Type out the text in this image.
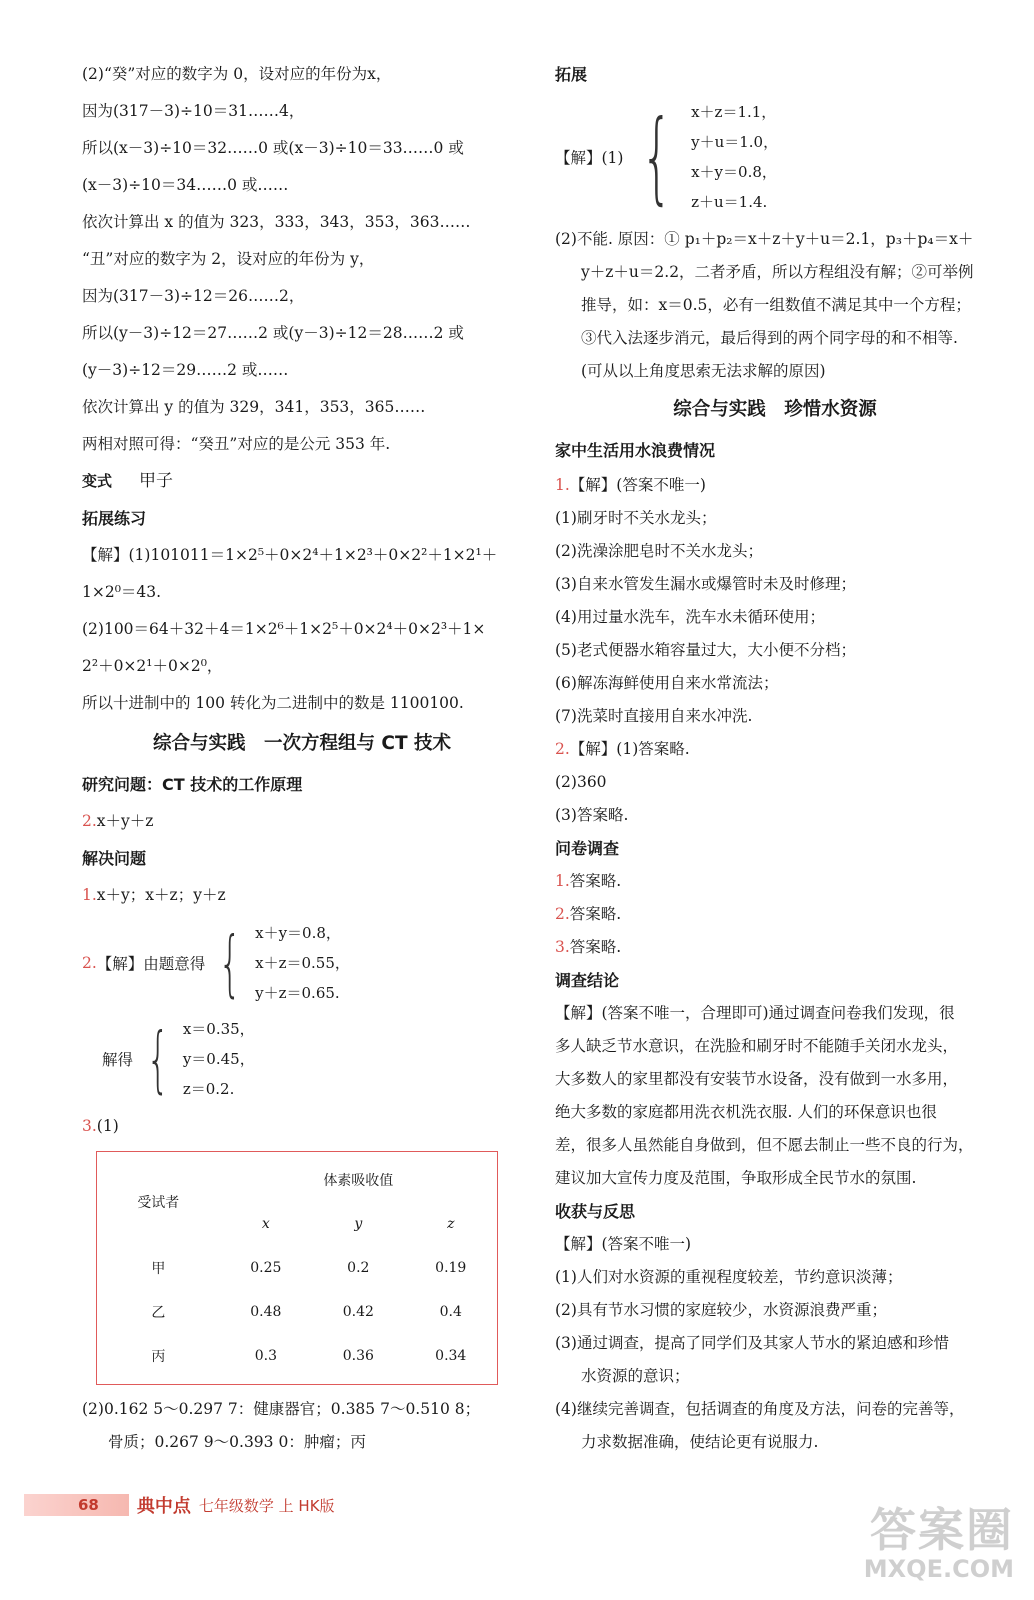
(2)“癸”对应的数字为 0，设对应的年份为x，
因为(317－3)÷10＝31……4，
所以(x－3)÷10＝32……0 或(x－3)÷10＝33……0 或
(x－3)÷10＝34……0 或……
依次计算出 x 的值为 323，333，343，353，363……
“丑”对应的数字为 2，设对应的年份为 y，
因为(317－3)÷12＝26……2，
所以(y－3)÷12＝27……2 或(y－3)÷12＝28……2 或
(y－3)÷12＝29……2 或……
依次计算出 y 的值为 329，341，353，365……
两相对照可得：“癸丑”对应的是公元 353 年.
变式 甲子
拓展练习
【解】(1)101011＝1×2⁵＋0×2⁴＋1×2³＋0×2²＋1×2¹＋
1×2⁰＝43.
(2)100＝64＋32＋4＝1×2⁶＋1×2⁵＋0×2⁴＋0×2³＋1×
2²＋0×2¹＋0×2⁰，
所以十进制中的 100 转化为二进制中的数是 1100100.
综合与实践　一次方程组与 CT 技术
研究问题：CT 技术的工作原理
2.x＋y＋z
解决问题
1.x＋y；x＋z；y＋z
2. 【解】由题意得 { x＋y＝0.8，
x＋z＝0.55，
y＋z＝0.65.
解得 { x＝0.35，
y＝0.45，
z＝0.2.
3.(1)
受试者	体素吸收值		
	x	y	z
甲	0.25	0.2	0.19
乙	0.48	0.42	0.4
丙	0.3	0.36	0.34
(2)0.162 5～0.297 7：健康器官；0.385 7～0.510 8；
骨质；0.267 9～0.393 0：肿瘤；丙
拓展
【解】(1) { x＋z＝1.1，
y＋u＝1.0，
x＋y＝0.8，
z＋u＝1.4.
(2)不能. 原因：① p₁＋p₂＝x＋z＋y＋u＝2.1，p₃＋p₄＝x＋
y＋z＋u＝2.2，二者矛盾，所以方程组没有解；②可举例
推导，如：x＝0.5，必有一组数值不满足其中一个方程；
③代入法逐步消元，最后得到的两个同字母的和不相等.
(可从以上角度思索无法求解的原因)
综合与实践　珍惜水资源
家中生活用水浪费情况
1.【解】(答案不唯一)
(1)刷牙时不关水龙头；
(2)洗澡涂肥皂时不关水龙头；
(3)自来水管发生漏水或爆管时未及时修理；
(4)用过量水洗车，洗车水未循环使用；
(5)老式便器水箱容量过大，大小便不分档；
(6)解冻海鲜使用自来水常流法；
(7)洗菜时直接用自来水冲洗.
2.【解】(1)答案略.
(2)360
(3)答案略.
问卷调查
1.答案略.
2.答案略.
3.答案略.
调查结论
【解】(答案不唯一，合理即可)通过调查问卷我们发现，很
多人缺乏节水意识，在洗脸和刷牙时不能随手关闭水龙头，
大多数人的家里都没有安装节水设备，没有做到一水多用，
绝大多数的家庭都用洗衣机洗衣服. 人们的环保意识也很
差，很多人虽然能自身做到，但不愿去制止一些不良的行为，
建议加大宣传力度及范围，争取形成全民节水的氛围.
收获与反思
【解】(答案不唯一)
(1)人们对水资源的重视程度较差，节约意识淡薄；
(2)具有节水习惯的家庭较少，水资源浪费严重；
(3)通过调查，提高了同学们及其家人节水的紧迫感和珍惜
水资源的意识；
(4)继续完善调查，包括调查的角度及方法，问卷的完善等，
力求数据准确，使结论更有说服力.
68	典中点 七年级数学 上 HK版	答案圈
MXQE.COM
